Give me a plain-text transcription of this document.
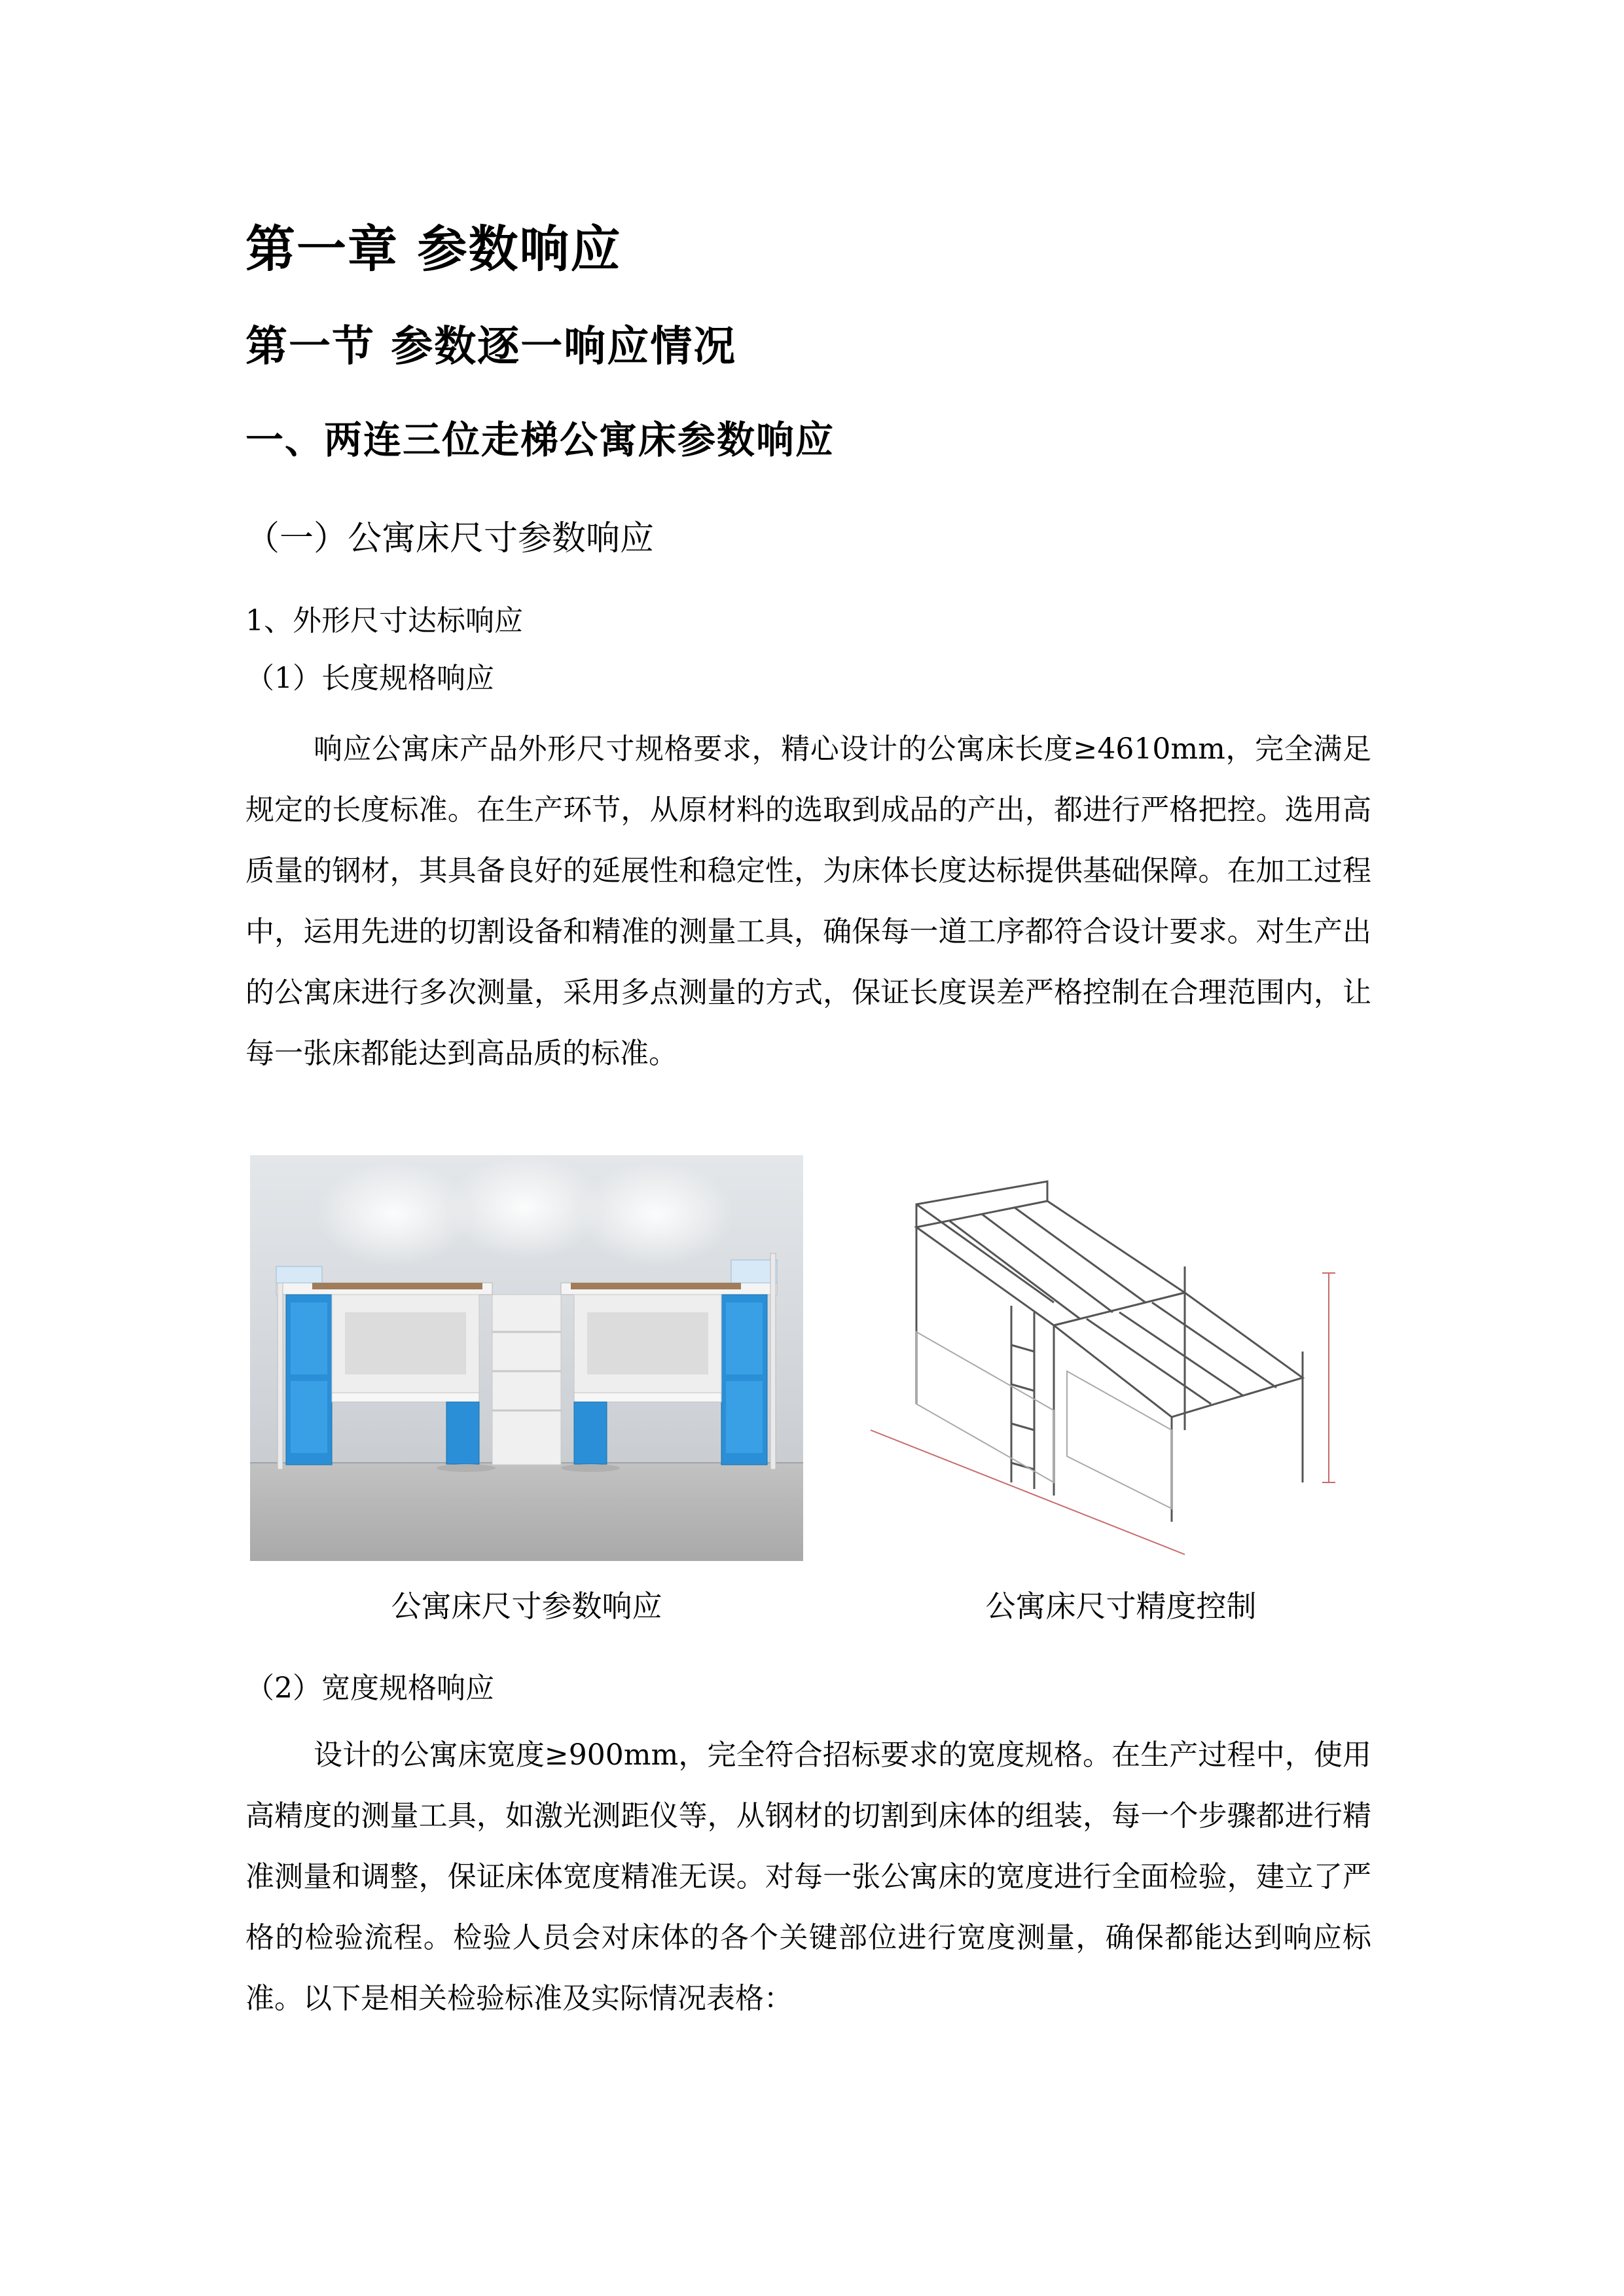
第一章 参数响应
第一节 参数逐一响应情况
一、两连三位走梯公寓床参数响应
（一）公寓床尺寸参数响应
1、外形尺寸达标响应
（1）长度规格响应

响应公寓床产品外形尺寸规格要求，精心设计的公寓床长度≥4610mm，完全满足规定的长度标准。在生产环节，从原材料的选取到成品的产出，都进行严格把控。选用高质量的钢材，其具备良好的延展性和稳定性，为床体长度达标提供基础保障。在加工过程中，运用先进的切割设备和精准的测量工具，确保每一道工序都符合设计要求。对生产出的公寓床进行多次测量，采用多点测量的方式，保证长度误差严格控制在合理范围内，让每一张床都能达到高品质的标准。

公寓床尺寸参数响应	公寓床尺寸精度控制
（2）宽度规格响应

设计的公寓床宽度≥900mm，完全符合招标要求的宽度规格。在生产过程中，使用高精度的测量工具，如激光测距仪等，从钢材的切割到床体的组装，每一个步骤都进行精准测量和调整，保证床体宽度精准无误。对每一张公寓床的宽度进行全面检验，建立了严格的检验流程。检验人员会对床体的各个关键部位进行宽度测量，确保都能达到响应标准。以下是相关检验标准及实际情况表格：
